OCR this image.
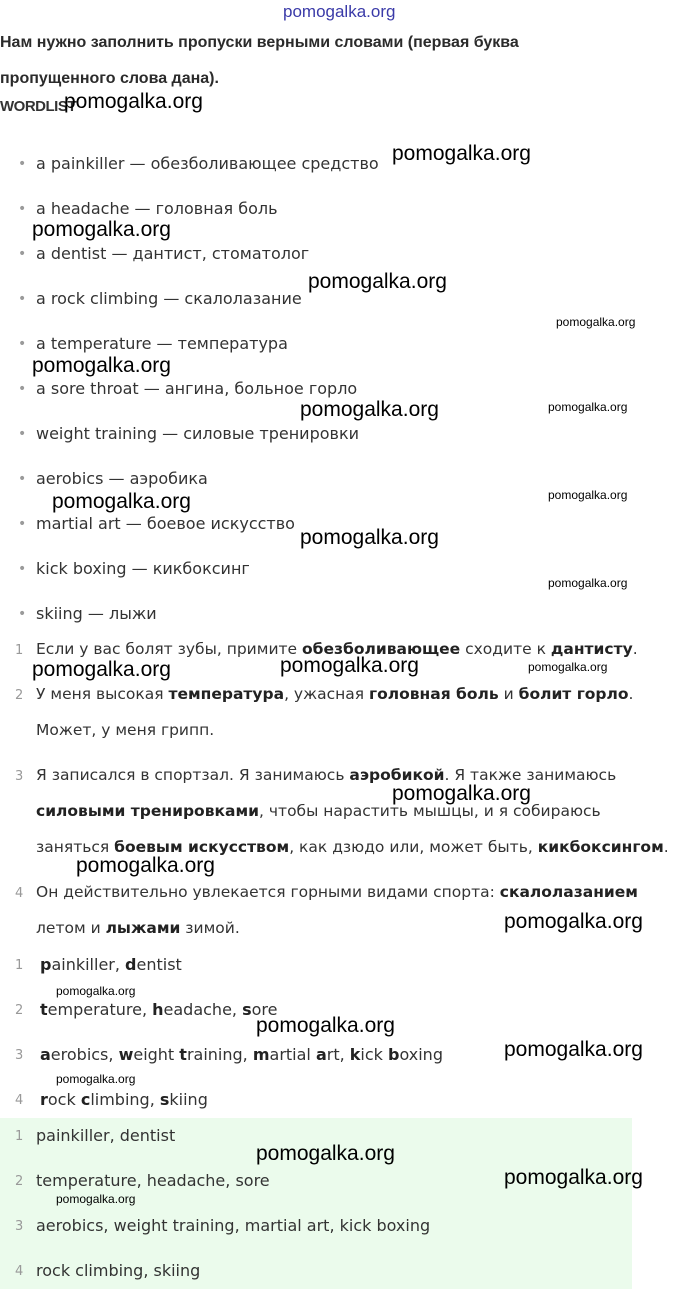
pomogalka.org
Нам нужно заполнить пропуски верными словами (первая буква
пропущенного слова дана).
WORDLIST
• a painkiller — обезболивающее средство
• a headache — головная боль
• a dentist — дантист, стоматолог
• a rock climbing — скалолазание
• a temperature — температура
• a sore throat — ангина, больное горло
• weight training — силовые тренировки
• aerobics — аэробика
• martial art — боевое искусство
• kick boxing — кикбоксинг
• skiing — лыжи
1 Если у вас болят зубы, примите обезболивающее сходите к дантисту.
2 У меня высокая температура, ужасная головная боль и болит горло.
Может, у меня грипп.
3 Я записался в спортзал. Я занимаюсь аэробикой. Я также занимаюсь
силовыми тренировками, чтобы нарастить мышцы, и я собираюсь
заняться боевым искусством, как дзюдо или, может быть, кикбоксингом.
4 Он действительно увлекается горными видами спорта: скалолазанием
летом и лыжами зимой.
1 painkiller, dentist
2 temperature, headache, sore
3 aerobics, weight training, martial art, kick boxing
4 rock climbing, skiing
1 painkiller, dentist
2 temperature, headache, sore
3 aerobics, weight training, martial art, kick boxing
4 rock climbing, skiing
pomogalka.org
pomogalka.org
pomogalka.org
pomogalka.org
pomogalka.org
pomogalka.org
pomogalka.org	pomogalka.org
pomogalka.org	pomogalka.org
pomogalka.org
pomogalka.org
pomogalka.org	pomogalka.org	pomogalka.org
pomogalka.org
pomogalka.org
pomogalka.org
pomogalka.org
pomogalka.org
pomogalka.org
pomogalka.org
pomogalka.org
pomogalka.org
pomogalka.org
